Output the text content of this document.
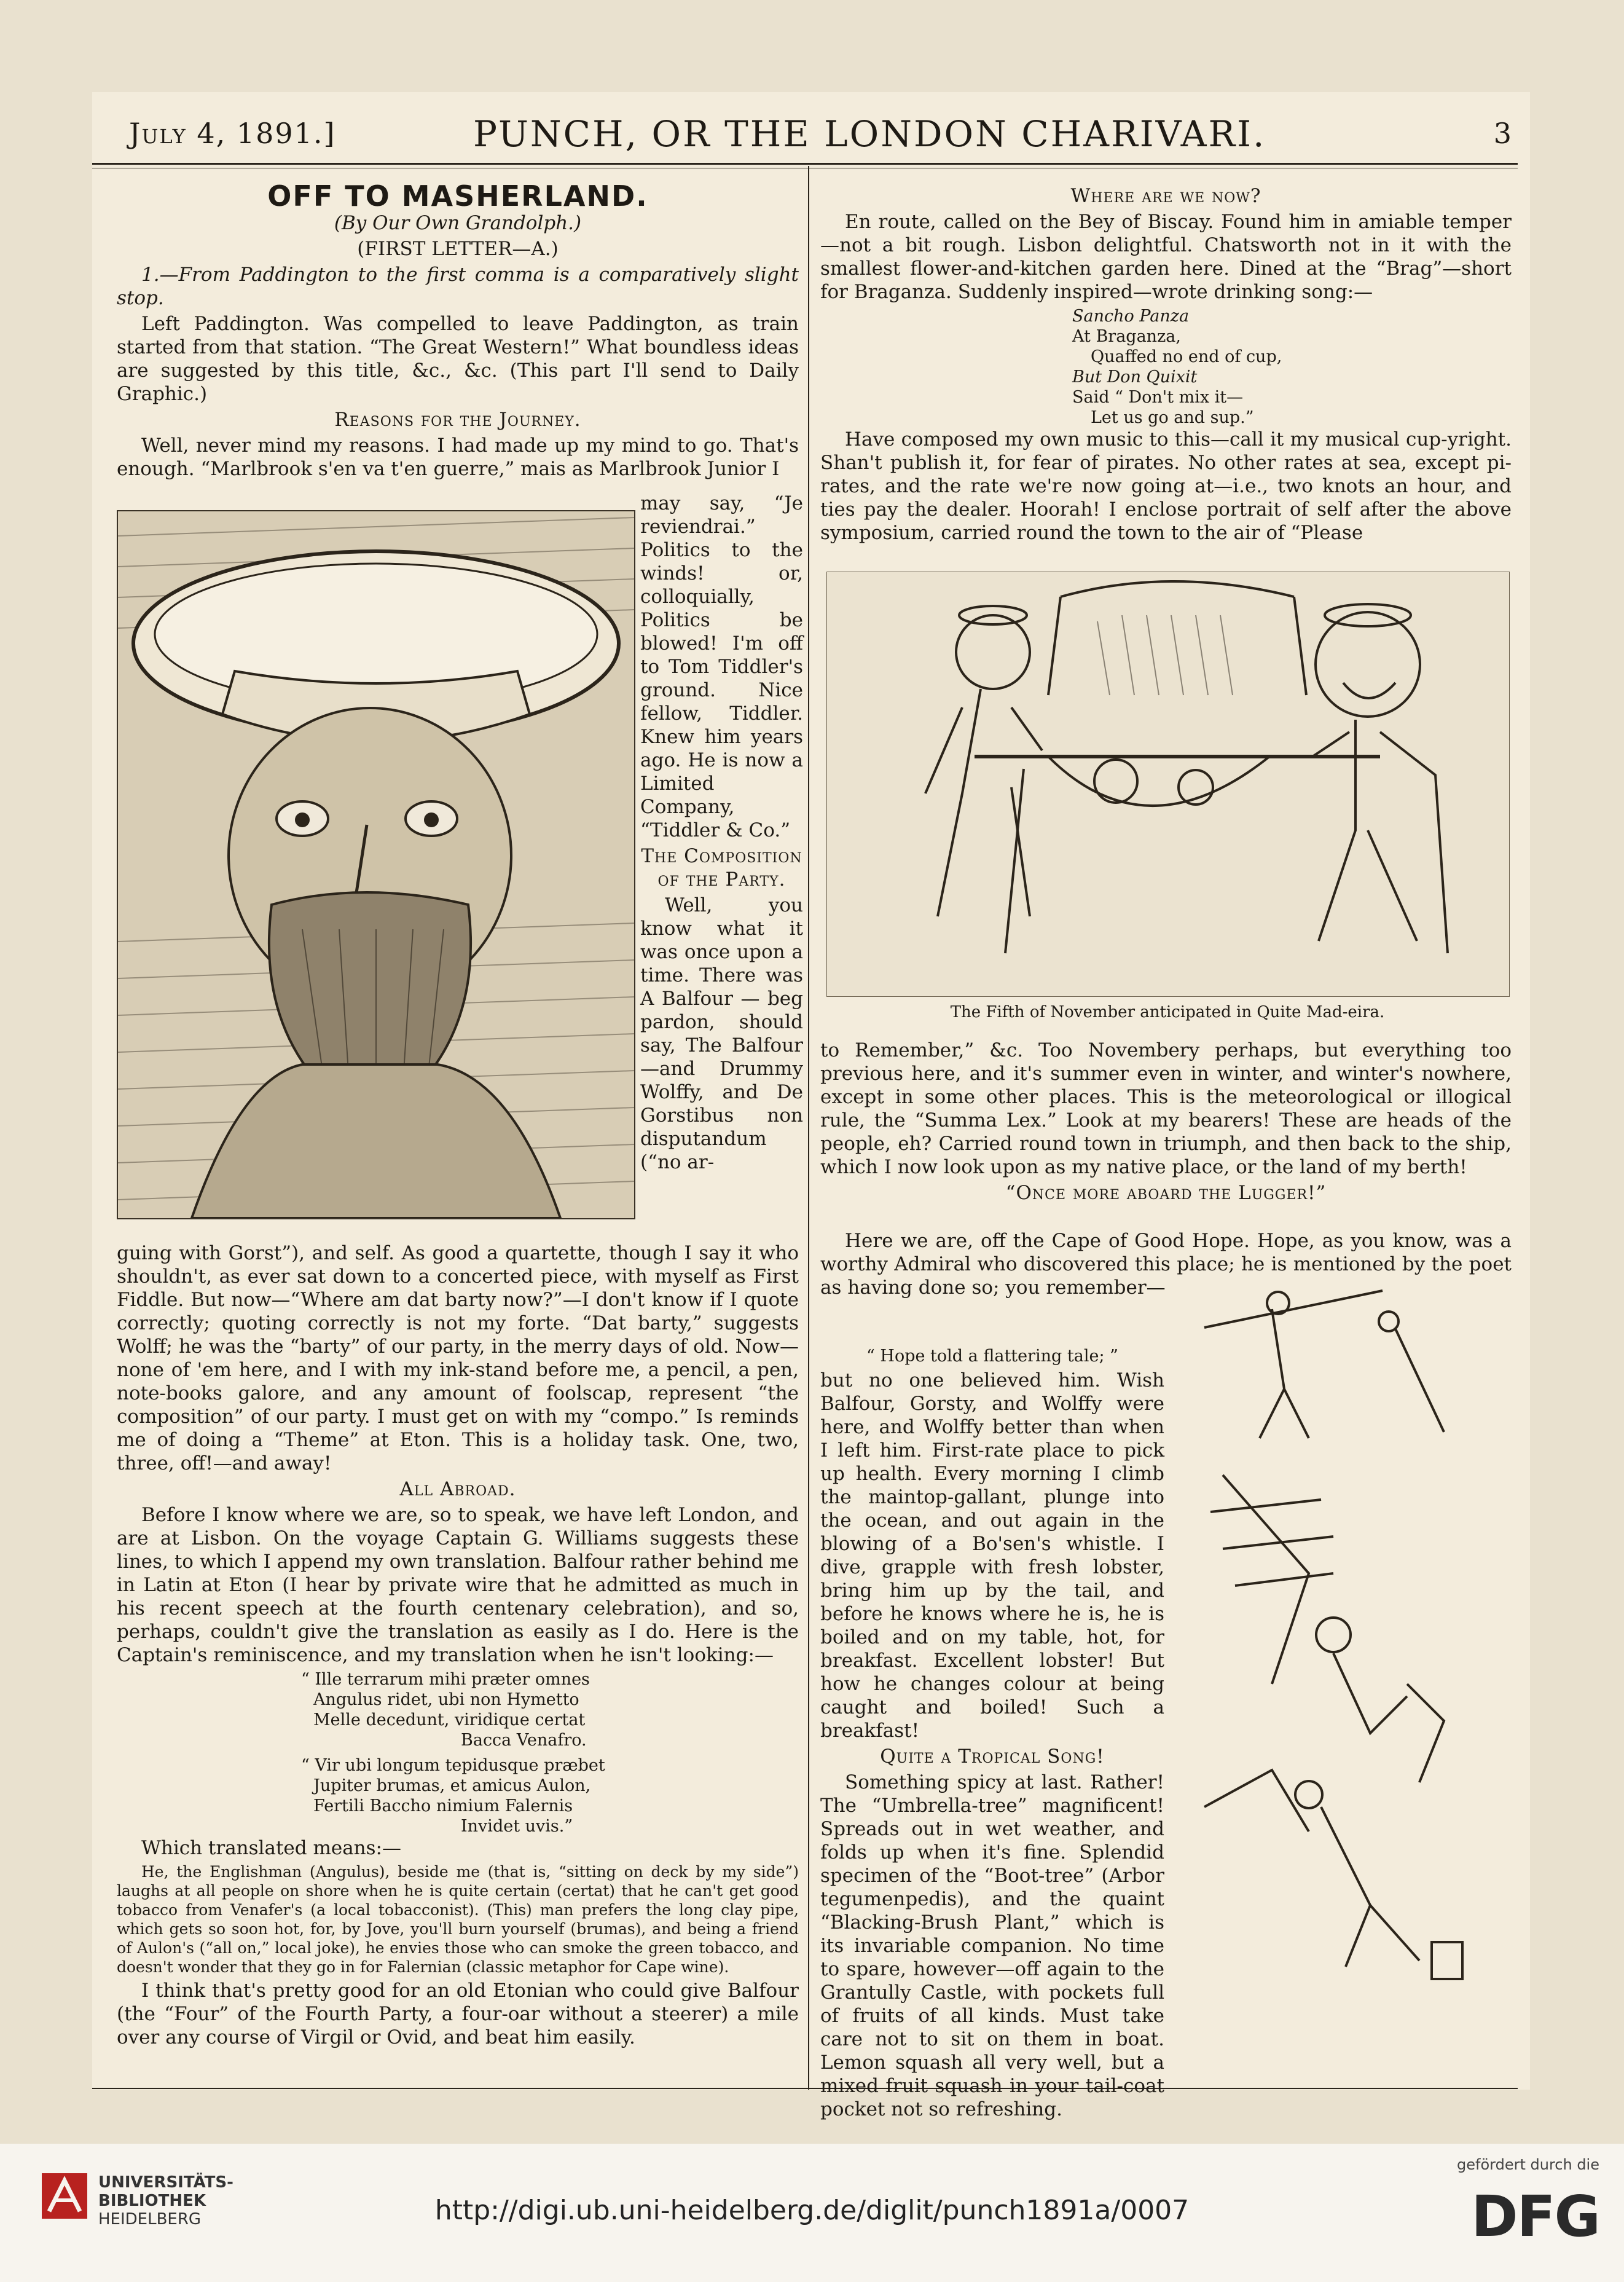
July 4, 1891.]	PUNCH, OR THE LONDON CHARIVARI.	3
OFF TO MASHERLAND.

(By Our Own Grandolph.)

(FIRST LETTER—A.)

1.—From Paddington to the first comma is a comparatively slight stop.

Left Paddington. Was compelled to leave Paddington, as train started from that station. “The Great Western!” What boundless ideas are suggested by this title, &c., &c. (This part I'll send to Daily Graphic.)

Reasons for the Journey.

Well, never mind my reasons. I had made up my mind to go. That's enough. “Marlbrook s'en va t'en guerre,” mais as Marlbrook Junior I

may say, “Je reviendrai.” Politics to the winds! or, colloquially, Politics be blowed! I'm off to Tom Tiddler's ground. Nice fellow, Tiddler. Knew him years ago. He is now a Limited Company, “Tiddler & Co.”

The Composition of the Party.

Well, you know what it was once upon a time. There was A Balfour — beg pardon, should say, The Balfour —and Drummy Wolffy, and De Gorstibus non disputandum (“no ar-

guing with Gorst”), and self. As good a quartette, though I say it who shouldn't, as ever sat down to a concerted piece, with myself as First Fiddle. But now—“Where am dat barty now?”—I don't know if I quote correctly; quoting correctly is not my forte. “Dat barty,” suggests Wolff; he was the “barty” of our party, in the merry days of old. Now—none of 'em here, and I with my ink-stand before me, a pencil, a pen, note-books galore, and any amount of foolscap, represent “the composition” of our party. I must get on with my “compo.” Is reminds me of doing a “Theme” at Eton. This is a holiday task. One, two, three, off!—and away!

All Abroad.

Before I know where we are, so to speak, we have left London, and are at Lisbon. On the voyage Captain G. Williams suggests these lines, to which I append my own translation. Balfour rather behind me in Latin at Eton (I hear by private wire that he admitted as much in his recent speech at the fourth centenary celebration), and so, perhaps, couldn't give the translation as easily as I do. Here is the Captain's reminiscence, and my translation when he isn't looking:—

“ Ille terrarum mihi præter omnes
Angulus ridet, ubi non Hymetto
Melle decedunt, viridique certat
Bacca Venafro.
“ Vir ubi longum tepidusque præbet
Jupiter brumas, et amicus Aulon,
Fertili Baccho nimium Falernis
Invidet uvis.”

Which translated means:—

He, the Englishman (Angulus), beside me (that is, “sitting on deck by my side”) laughs at all people on shore when he is quite certain (certat) that he can't get good tobacco from Venafer's (a local tobacconist). (This) man prefers the long clay pipe, which gets so soon hot, for, by Jove, you'll burn yourself (brumas), and being a friend of Aulon's (“all on,” local joke), he envies those who can smoke the green tobacco, and doesn't wonder that they go in for Falernian (classic metaphor for Cape wine).

I think that's pretty good for an old Etonian who could give Balfour (the “Four” of the Fourth Party, a four-oar without a steerer) a mile over any course of Virgil or Ovid, and beat him easily.

Where are we now?

En route, called on the Bey of Biscay. Found him in amiable temper—not a bit rough. Lisbon delightful. Chatsworth not in it with the smallest flower-and-kitchen garden here. Dined at the “Brag”—short for Braganza. Suddenly inspired—wrote drinking song:—

Sancho Panza
At Braganza,
Quaffed no end of cup,
But Don Quixit
Said “ Don't mix it—
Let us go and sup.”

Have composed my own music to this—call it my musical cup-yright. Shan't publish it, for fear of pirates. No other rates at sea, except pi-rates, and the rate we're now going at—i.e., two knots an hour, and ties pay the dealer. Hoorah! I enclose portrait of self after the above symposium, carried round the town to the air of “Please

The Fifth of November anticipated in Quite Mad-eira.

to Remember,” &c. Too Novembery perhaps, but everything too previous here, and it's summer even in winter, and winter's nowhere, except in some other places. This is the meteorological or illogical rule, the “Summa Lex.” Look at my bearers! These are heads of the people, eh? Carried round town in triumph, and then back to the ship, which I now look upon as my native place, or the land of my berth!

“Once more aboard the Lugger!”

Here we are, off the Cape of Good Hope. Hope, as you know, was a worthy Admiral who discovered this place; he is mentioned by the poet as having done so; you remember—

“ Hope told a flattering tale; ”

but no one believed him. Wish Balfour, Gorsty, and Wolffy were here, and Wolffy better than when I left him. First-rate place to pick up health. Every morning I climb the maintop-gallant, plunge into the ocean, and out again in the blowing of a Bo'sen's whistle. I dive, grapple with fresh lobster, bring him up by the tail, and before he knows where he is, he is boiled and on my table, hot, for breakfast. Excellent lobster! But how he changes colour at being caught and boiled! Such a breakfast!

Quite a Tropical Song!

Something spicy at last. Rather! The “Umbrella-tree” magnificent! Spreads out in wet weather, and folds up when it's fine. Splendid specimen of the “Boot-tree” (Arbor tegumenpedis), and the quaint “Blacking-Brush Plant,” which is its invariable companion. No time to spare, however—off again to the Grantully Castle, with pockets full of fruits of all kinds. Must take care not to sit on them in boat. Lemon squash all very well, but a mixed fruit squash in your tail-coat pocket not so refreshing.

UNIVERSITÄTS-
BIBLIOTHEK
HEIDELBERG	http://digi.ub.uni-heidelberg.de/diglit/punch1891a/0007
gefördert durch die
DFG
